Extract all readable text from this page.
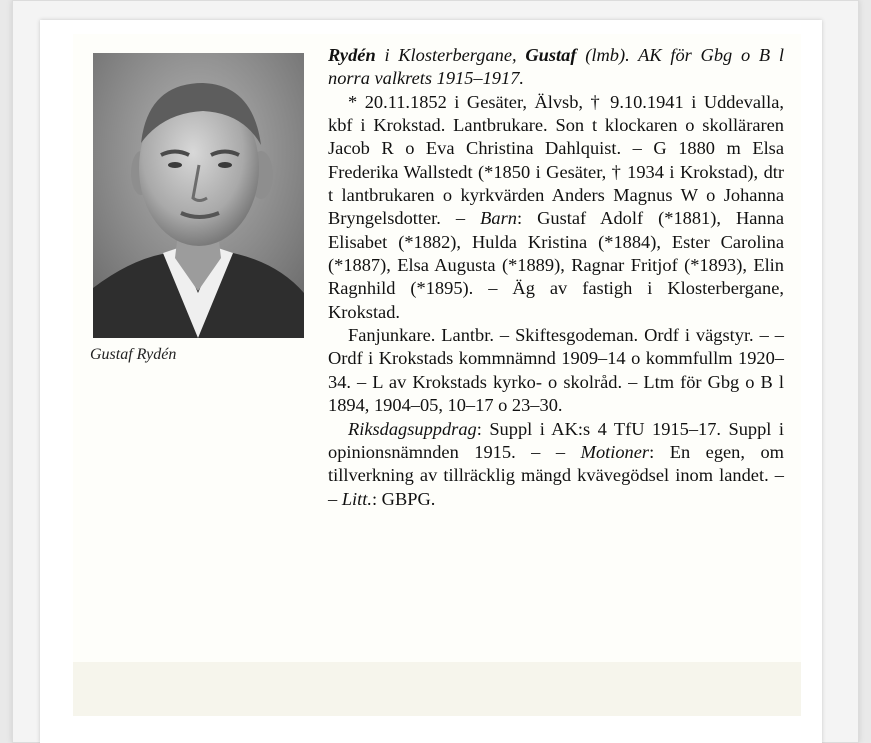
Gustaf Rydén

Rydén i Klosterbergane, Gustaf (lmb). AK för Gbg o B l norra valkrets 1915–1917.

* 20.11.1852 i Gesäter, Älvsb, † 9.10.1941 i Uddevalla, kbf i Krokstad. Lantbrukare. Son t klockaren o skolläraren Jacob R o Eva Christina Dahlquist. – G 1880 m Elsa Frederika Wallstedt (*1850 i Gesäter, † 1934 i Krokstad), dtr t lantbrukaren o kyrkvärden Anders Magnus W o Johanna Bryngelsdotter. – Barn: Gustaf Adolf (*1881), Hanna Elisabet (*1882), Hulda Kristina (*1884), Ester Carolina (*1887), Elsa Augusta (*1889), Ragnar Fritjof (*1893), Elin Ragnhild (*1895). – Äg av fastigh i Klosterbergane, Krokstad.

Fanjunkare. Lantbr. – Skiftesgodeman. Ordf i vägstyr. – – Ordf i Krokstads kommnämnd 1909–14 o kommfullm 1920–34. – L av Krokstads kyrko- o skolråd. – Ltm för Gbg o B l 1894, 1904–05, 10–17 o 23–30.

Riksdagsuppdrag: Suppl i AK:s 4 TfU 1915–17. Suppl i opinionsnämnden 1915. – – Motioner: En egen, om tillverkning av tillräcklig mängd kvävegödsel inom landet. – – Litt.: GBPG.
